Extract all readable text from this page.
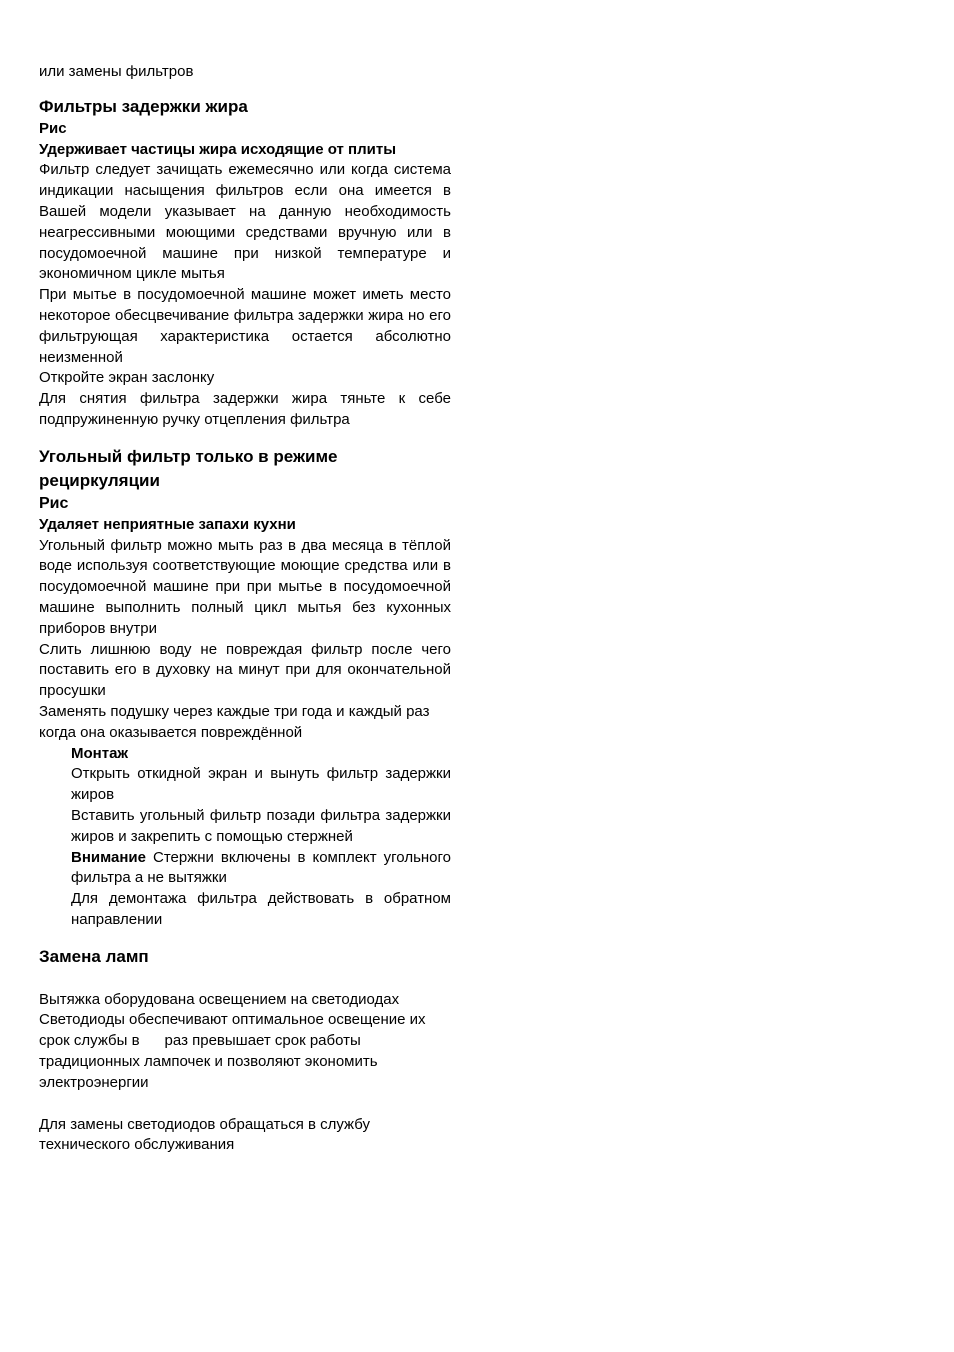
или замены фильтров

Фильтры задержки жира

Рис

Удерживает частицы жира исходящие от плиты

Фильтр следует зачищать ежемесячно или когда система индикации насыщения фильтров если она имеется в Вашей модели указывает на данную необходимость неагрессивными моющими средствами вручную или в посудомоечной машине при низкой температуре и экономичном цикле мытья

При мытье в посудомоечной машине может иметь место некоторое обесцвечивание фильтра задержки жира но его фильтрующая характеристика остается абсолютно неизменной

Откройте экран заслонку

Для снятия фильтра задержки жира тяньте к себе подпружиненную ручку отцепления фильтра

Угольный фильтр только в режиме

рециркуляции

Рис

Удаляет неприятные запахи кухни

Угольный фильтр можно мыть раз в два месяца в тёплой воде используя соответствующие моющие средства или в посудомоечной машине при при мытье в посудомоечной машине выполнить полный цикл мытья без кухонных приборов внутри

Слить лишнюю воду не повреждая фильтр после чего поставить его в духовку на минут при для окончательной просушки

Заменять подушку через каждые три года и каждый раз когда она оказывается повреждённой

Монтаж

Открыть откидной экран и вынуть фильтр задержки жиров

Вставить угольный фильтр позади фильтра задержки жиров и закрепить с помощью стержней

Внимание Стержни включены в комплект угольного фильтра а не вытяжки

Для демонтажа фильтра действовать в обратном направлении

Замена ламп

Вытяжка оборудована освещением на светодиодах
Светодиоды обеспечивают оптимальное освещение их
срок службы в      раз превышает срок работы
традиционных лампочек и позволяют экономить
электроэнергии
Для замены светодиодов обращаться в службу
технического обслуживания
